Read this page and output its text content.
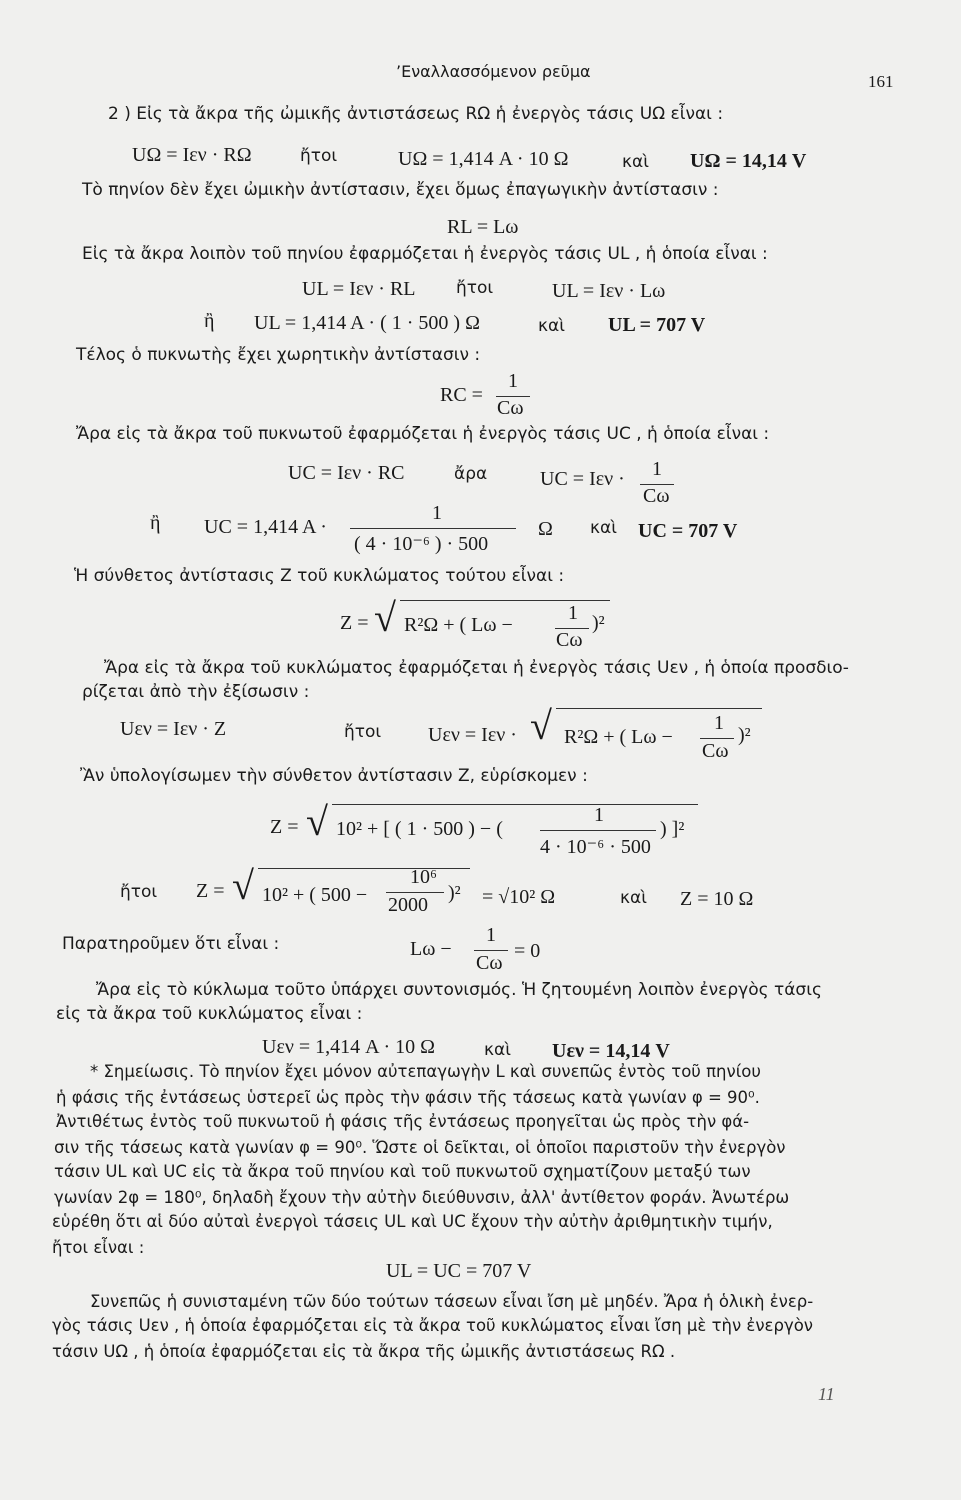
’Εναλλασσόμενον ρεῦμα
161
2 ) Εἰς τὰ ἄκρα τῆς ὠμικῆς ἀντιστάσεως RΩ ἡ ἐνεργὸς τάσις UΩ εἶναι :
UΩ = Iεν · RΩ	ἤτοι	UΩ = 1,414 A · 10 Ω	καὶ UΩ = 14,14 V
Τὸ πηνίον δὲν ἔχει ὠμικὴν ἀντίστασιν, ἔχει ὅμως ἐπαγωγικὴν ἀντίστασιν :
RL = Lω
Εἰς τὰ ἄκρα λοιπὸν τοῦ πηνίου ἐφαρμόζεται ἡ ἐνεργὸς τάσις UL , ἡ ὁποία εἶναι :
UL = Iεν · RL ἤτοι	UL = Iεν · Lω
ἢ UL = 1,414 A · ( 1 · 500 ) Ω	καὶ UL = 707 V
Τέλος ὁ πυκνωτὴς ἔχει χωρητικὴν ἀντίστασιν :
RC =
1
Cω
Ἄρα εἰς τὰ ἄκρα τοῦ πυκνωτοῦ ἐφαρμόζεται ἡ ἐνεργὸς τάσις UC , ἡ ὁποία εἶναι :
UC = Iεν · RC	ἄρα	UC = Iεν · 1
Cω
ἢ UC = 1,414 A ·
1
( 4 · 10⁻⁶ ) · 500
Ω καὶ UC = 707 V
Ἡ σύνθετος ἀντίστασις Z τοῦ κυκλώματος τούτου εἶναι :
Z = √ R²Ω + ( Lω −
1
Cω
)²
Ἄρα εἰς τὰ ἄκρα τοῦ κυκλώματος ἐφαρμόζεται ἡ ἐνεργὸς τάσις Uεν , ἡ ὁποία προσδιο-
ρίζεται ἀπὸ τὴν ἐξίσωσιν :
Uεν = Iεν · Z	ἤτοι Uεν = Iεν · √ R²Ω + ( Lω −
1
Cω
)²
Ἂν ὑπολογίσωμεν τὴν σύνθετον ἀντίστασιν Z, εὑρίσκομεν :
Z = √ 10² + [ ( 1 · 500 ) − (
1
4 · 10⁻⁶ · 500
) ]²
ἤτοι Z = √ 10² + ( 500 −
10⁶
2000
)² = √10² Ω	καὶ Z = 10 Ω
Παρατηροῦμεν ὅτι εἶναι :	Lω −
1
Cω
= 0
Ἄρα εἰς τὸ κύκλωμα τοῦτο ὑπάρχει συντονισμός. Ἡ ζητουμένη λοιπὸν ἐνεργὸς τάσις
εἰς τὰ ἄκρα τοῦ κυκλώματος εἶναι :
Uεν = 1,414 A · 10 Ω	καὶ Uεν = 14,14 V
* Σημείωσις. Τὸ πηνίον ἔχει μόνον αὐτεπαγωγὴν L καὶ συνεπῶς ἐντὸς τοῦ πηνίου
ἡ φάσις τῆς ἐντάσεως ὑστερεῖ ὡς πρὸς τὴν φάσιν τῆς τάσεως κατὰ γωνίαν φ = 90⁰.
Ἀντιθέτως ἐντὸς τοῦ πυκνωτοῦ ἡ φάσις τῆς ἐντάσεως προηγεῖται ὡς πρὸς τὴν φά-
σιν τῆς τάσεως κατὰ γωνίαν φ = 90⁰. Ὥστε οἱ δεῖκται, οἱ ὁποῖοι παριστοῦν τὴν ἐνεργὸν
τάσιν UL καὶ UC εἰς τὰ ἄκρα τοῦ πηνίου καὶ τοῦ πυκνωτοῦ σχηματίζουν μεταξύ των
γωνίαν 2φ = 180⁰, δηλαδὴ ἔχουν τὴν αὐτὴν διεύθυνσιν, ἀλλ' ἀντίθετον φοράν. Ἀνωτέρω
εὑρέθη ὅτι αἱ δύο αὐταὶ ἐνεργοὶ τάσεις UL καὶ UC ἔχουν τὴν αὐτὴν ἀριθμητικὴν τιμήν,
ἤτοι εἶναι :
UL = UC = 707 V
Συνεπῶς ἡ συνισταμένη τῶν δύο τούτων τάσεων εἶναι ἴση μὲ μηδέν. Ἄρα ἡ ὁλικὴ ἐνερ-
γὸς τάσις Uεν , ἡ ὁποία ἐφαρμόζεται εἰς τὰ ἄκρα τοῦ κυκλώματος εἶναι ἴση μὲ τὴν ἐνεργὸν
τάσιν UΩ , ἡ ὁποία ἐφαρμόζεται εἰς τὰ ἄκρα τῆς ὠμικῆς ἀντιστάσεως RΩ .
11
